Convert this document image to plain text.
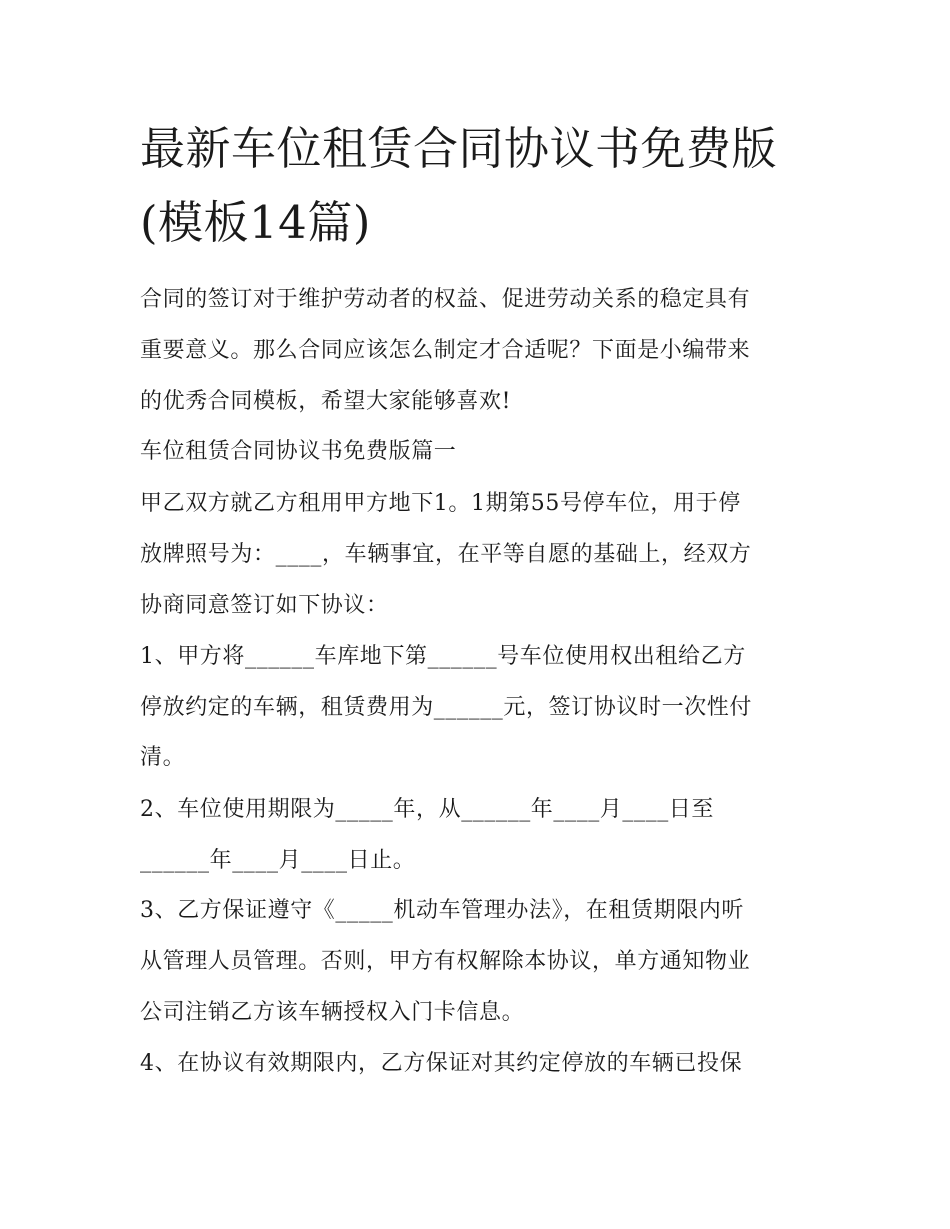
最新车位租赁合同协议书免费版(模板14篇)
合同的签订对于维护劳动者的权益、促进劳动关系的稳定具有
重要意义。那么合同应该怎么制定才合适呢？下面是小编带来
的优秀合同模板，希望大家能够喜欢!
车位租赁合同协议书免费版篇一
甲乙双方就乙方租用甲方地下1。1期第55号停车位，用于停
放牌照号为：____，车辆事宜，在平等自愿的基础上，经双方
协商同意签订如下协议：
1、甲方将______车库地下第______号车位使用权出租给乙方
停放约定的车辆，租赁费用为______元，签订协议时一次性付
清。
2、车位使用期限为_____年，从______年____月____日至
______年____月____日止。
3、乙方保证遵守《_____机动车管理办法》，在租赁期限内听
从管理人员管理。否则，甲方有权解除本协议，单方通知物业
公司注销乙方该车辆授权入门卡信息。
4、在协议有效期限内，乙方保证对其约定停放的车辆已投保
